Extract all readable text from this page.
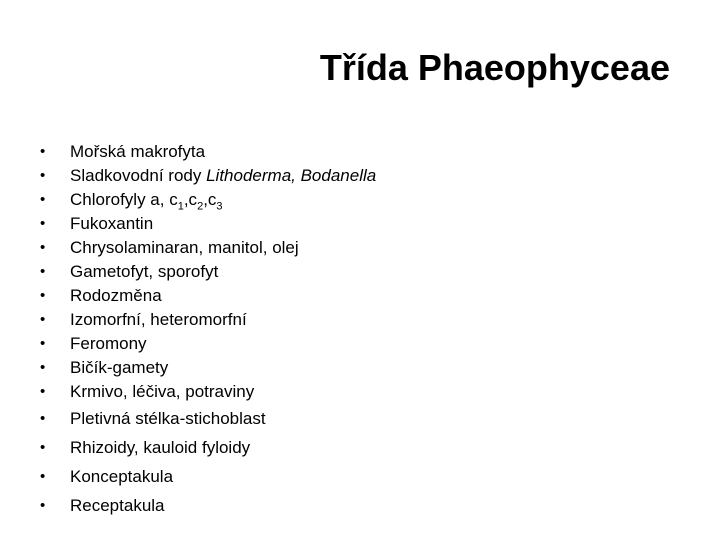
Třída Phaeophyceae
•	Mořská makrofyta
•	Sladkovodní rody Lithoderma, Bodanella
•	Chlorofyly a, $c_1,c_2,c_3$
•	Fukoxantin
•	Chrysolaminaran, manitol, olej
•	Gametofyt, sporofyt
•	Rodozměna
•	Izomorfní, heteromorfní
•	Feromony
•	Bičík-gamety
•	Krmivo, léčiva, potraviny
•	Pletivná stélka-stichoblast
•	Rhizoidy, kauloid fyloidy
•	Konceptakula
•	Receptakula
